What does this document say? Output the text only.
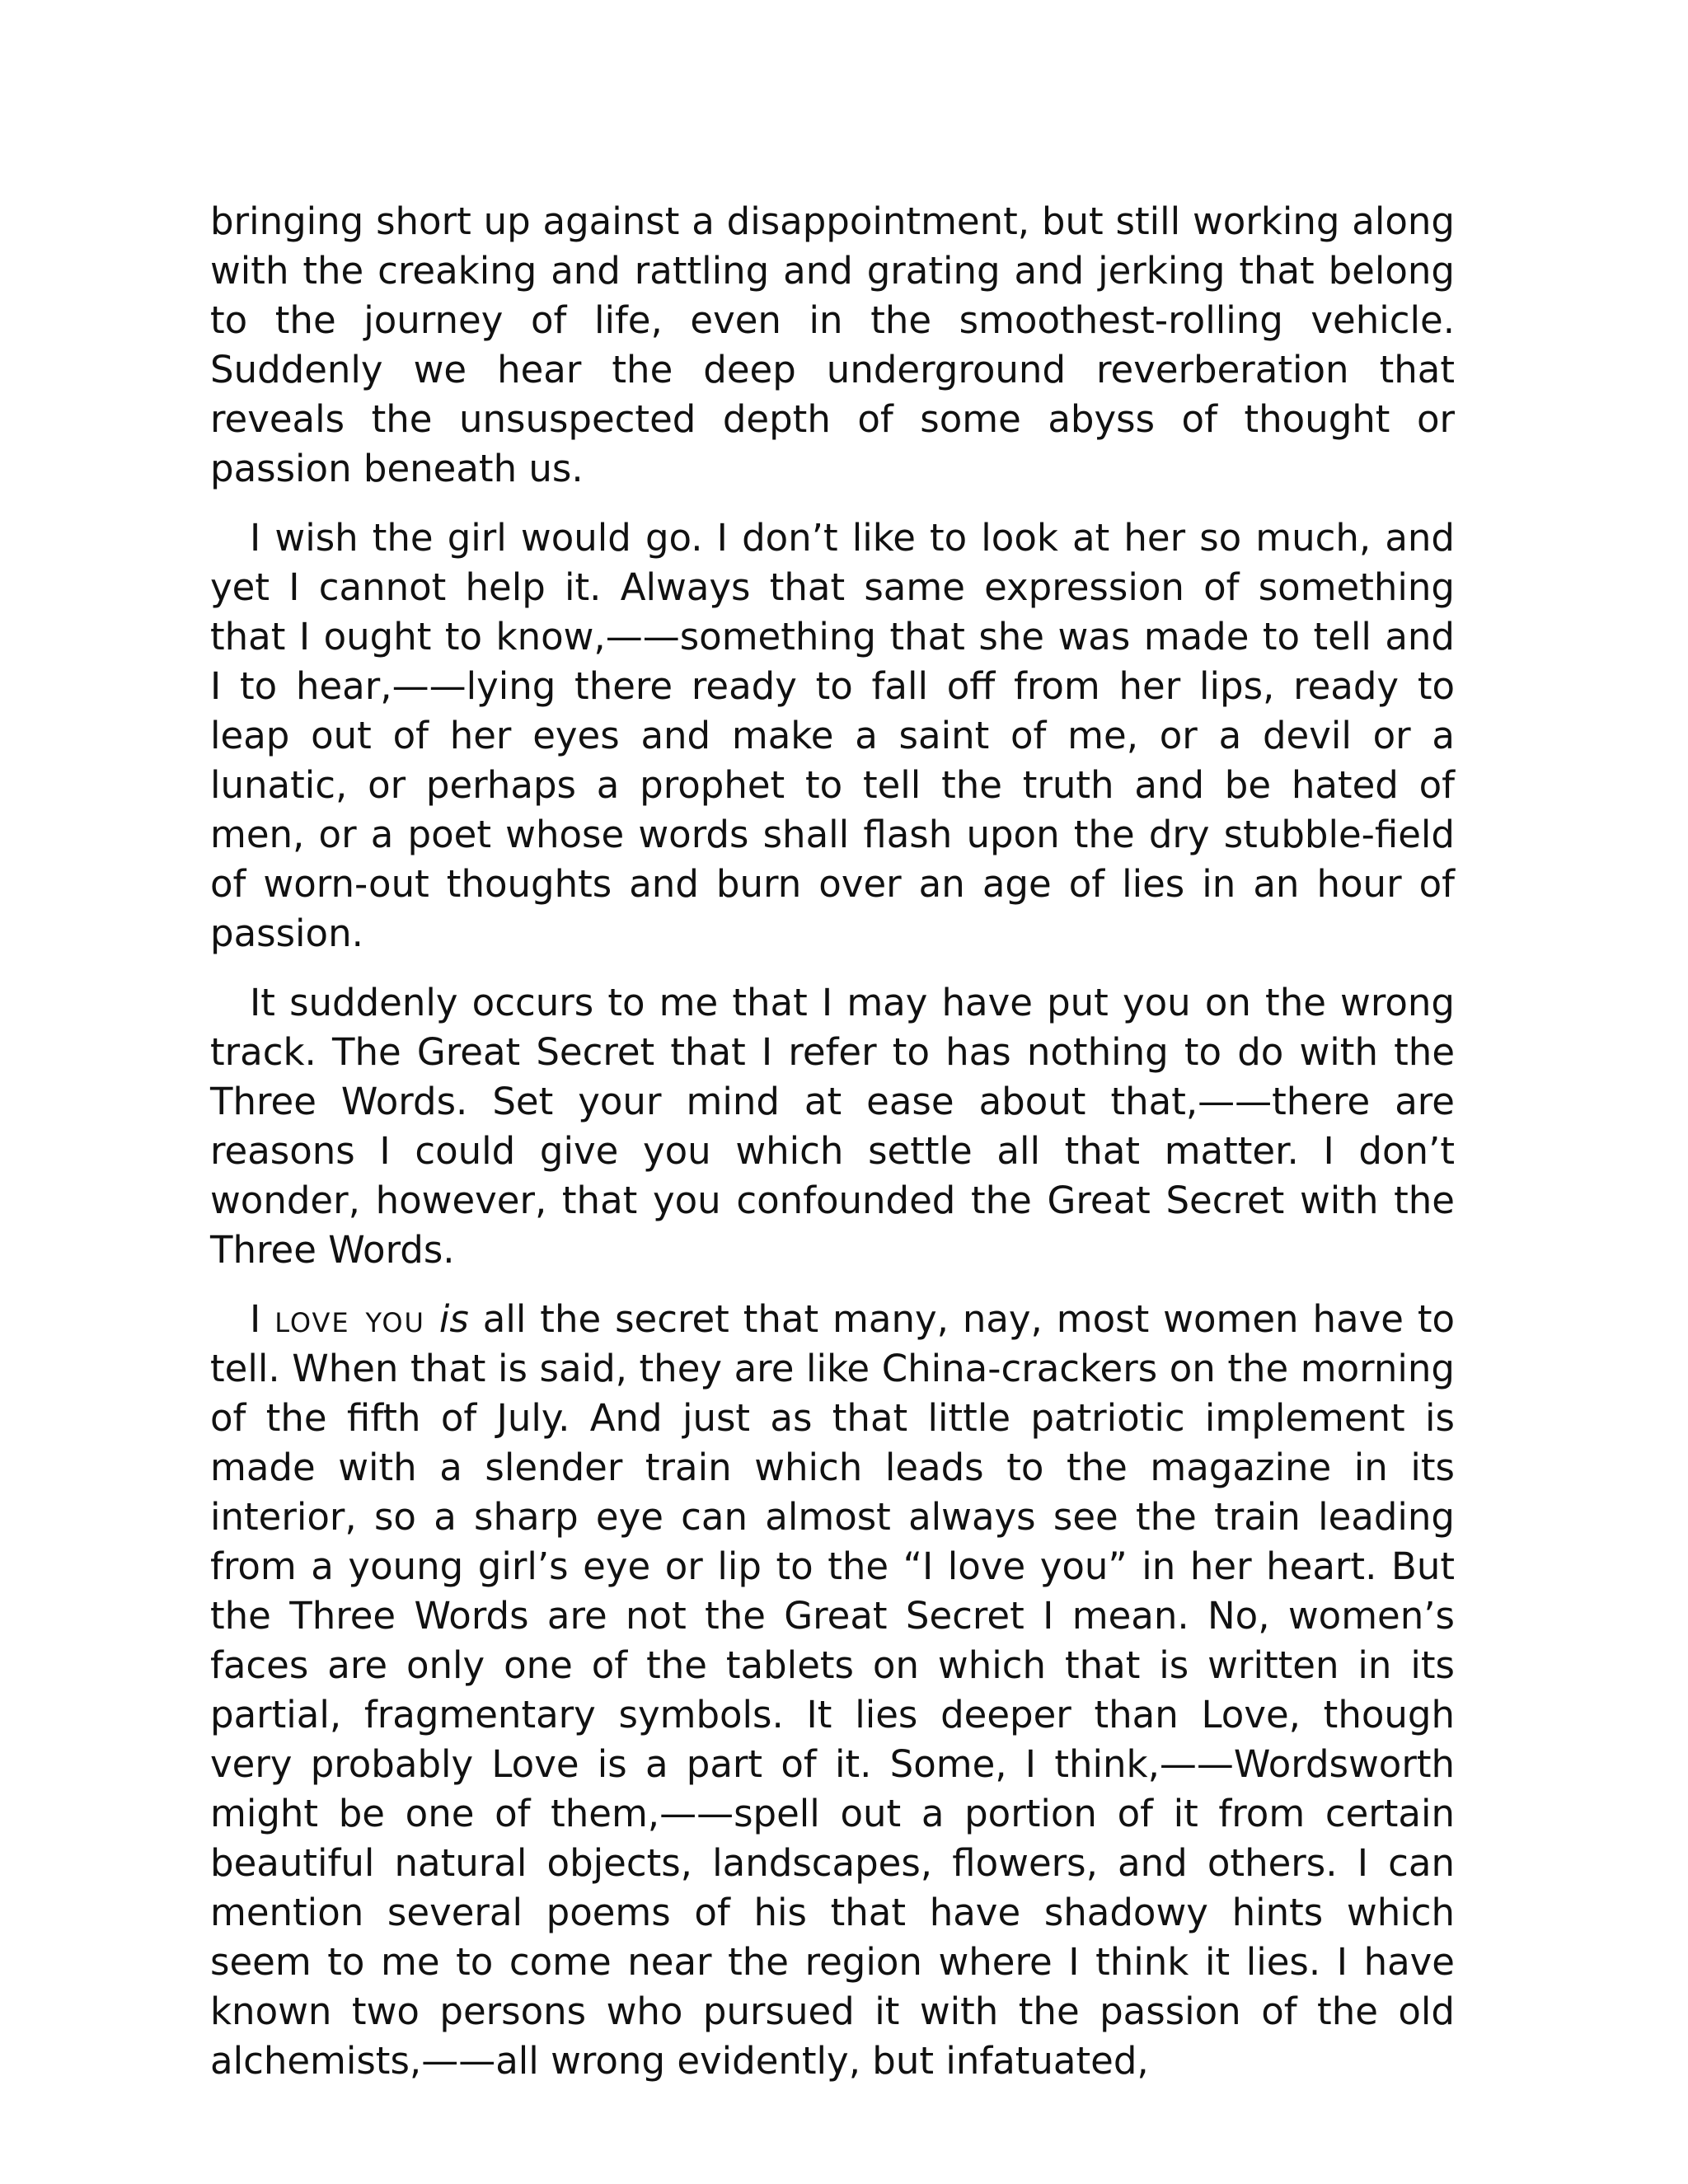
bringing short up against a disappointment, but still working along with the creaking and rattling and grating and jerking that belong to the journey of life, even in the smoothest-rolling vehicle. Suddenly we hear the deep underground reverberation that reveals the unsuspected depth of some abyss of thought or passion beneath us.

I wish the girl would go. I don’t like to look at her so much, and yet I cannot help it. Always that same expression of something that I ought to know,——something that she was made to tell and I to hear,——lying there ready to fall off from her lips, ready to leap out of her eyes and make a saint of me, or a devil or a lunatic, or perhaps a prophet to tell the truth and be hated of men, or a poet whose words shall flash upon the dry stubble-field of worn-out thoughts and burn over an age of lies in an hour of passion.

It suddenly occurs to me that I may have put you on the wrong track. The Great Secret that I refer to has nothing to do with the Three Words. Set your mind at ease about that,——there are reasons I could give you which settle all that matter. I don’t wonder, however, that you confounded the Great Secret with the Three Words.

I love you is all the secret that many, nay, most women have to tell. When that is said, they are like China-crackers on the morning of the fifth of July. And just as that little patriotic implement is made with a slender train which leads to the magazine in its interior, so a sharp eye can almost always see the train leading from a young girl’s eye or lip to the “I love you” in her heart. But the Three Words are not the Great Secret I mean. No, women’s faces are only one of the tablets on which that is written in its partial, fragmentary symbols. It lies deeper than Love, though very probably Love is a part of it. Some, I think,——Wordsworth might be one of them,——spell out a portion of it from certain beautiful natural objects, landscapes, flowers, and others. I can mention several poems of his that have shadowy hints which seem to me to come near the region where I think it lies. I have known two persons who pursued it with the passion of the old alchemists,——all wrong evidently, but infatuated,
